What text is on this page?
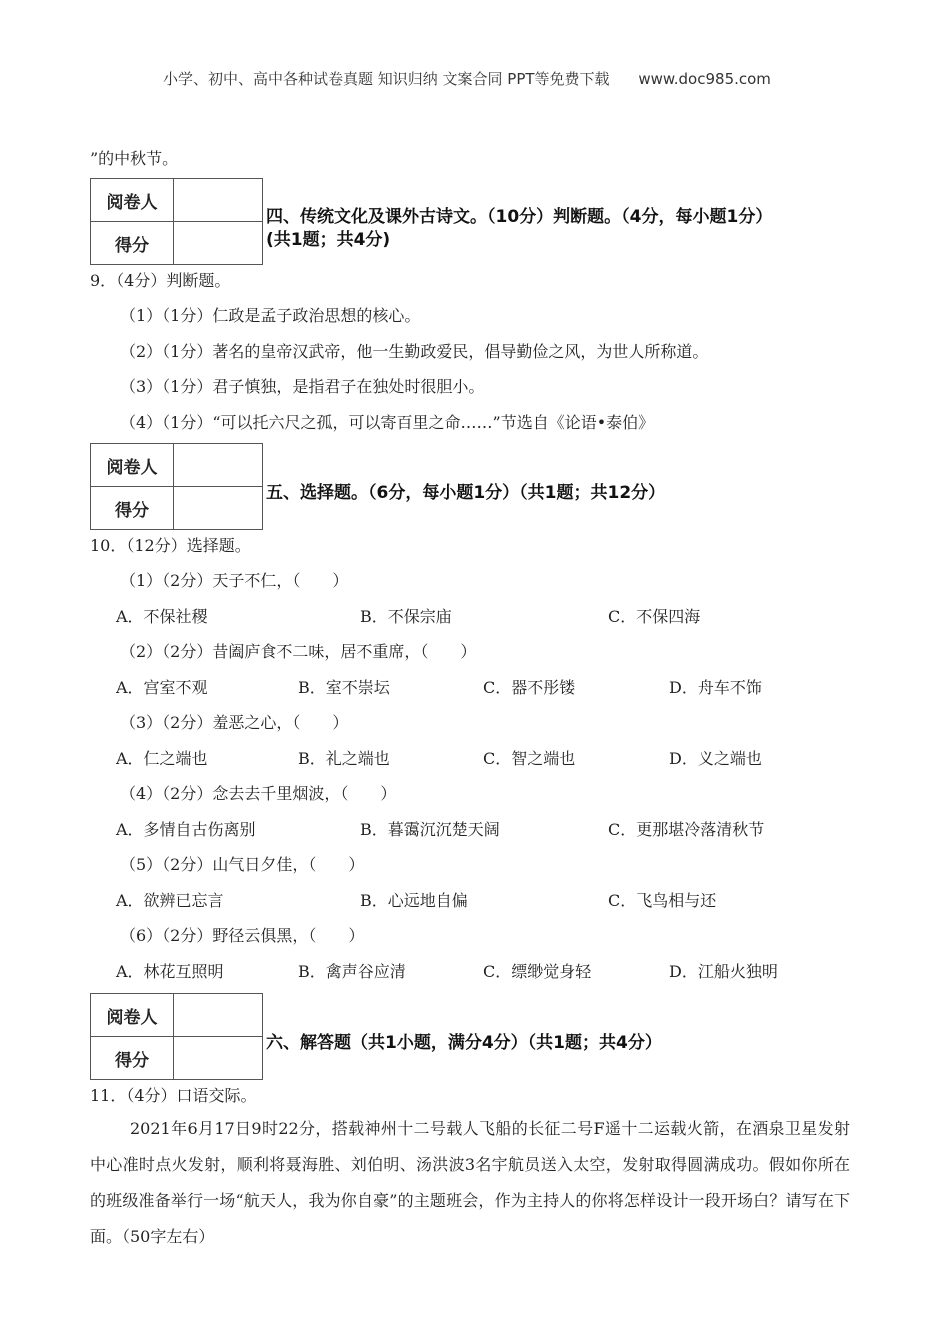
小学、初中、高中各种试卷真题 知识归纳 文案合同 PPT等免费下载 www.doc985.com
”的中秋节。
阅卷人	
得分	
四、传统文化及课外古诗文。（10分）判断题。（4分，每小题1分）
(共1题；共4分)
9．（4分）判断题。
（1）（1分）仁政是孟子政治思想的核心。
（2）（1分）著名的皇帝汉武帝，他一生勤政爱民，倡导勤俭之风，为世人所称道。
（3）（1分）君子慎独，是指君子在独处时很胆小。
（4）（1分）“可以托六尺之孤，可以寄百里之命……”节选自《论语•泰伯》
阅卷人	
得分	
五、选择题。（6分，每小题1分）（共1题；共12分）
10．（12分）选择题。
（1）（2分）天子不仁，（　　）
A．不保社稷	B．不保宗庙	C．不保四海
（2）（2分）昔阖庐食不二味，居不重席，（　　）
A．宫室不观	B．室不崇坛	C．器不彤镂	D．舟车不饰
（3）（2分）羞恶之心，（　　）
A．仁之端也	B．礼之端也	C．智之端也	D．义之端也
（4）（2分）念去去千里烟波，（　　）
A．多情自古伤离别	B．暮霭沉沉楚天阔	C．更那堪冷落清秋节
（5）（2分）山气日夕佳，（　　）
A．欲辨已忘言	B．心远地自偏	C．飞鸟相与还
（6）（2分）野径云俱黑，（　　）
A．林花互照明	B．禽声谷应清	C．缥缈觉身轻	D．江船火独明
阅卷人	
得分	
六、解答题（共1小题，满分4分）（共1题；共4分）
11．（4分）口语交际。
2021年6月17日9时22分，搭载神州十二号载人飞船的长征二号F遥十二运载火箭，在酒泉卫星发射中心准时点火发射，顺利将聂海胜、刘伯明、汤洪波3名宇航员送入太空，发射取得圆满成功。假如你所在的班级准备举行一场“航天人，我为你自豪”的主题班会，作为主持人的你将怎样设计一段开场白？请写在下面。（50字左右）
